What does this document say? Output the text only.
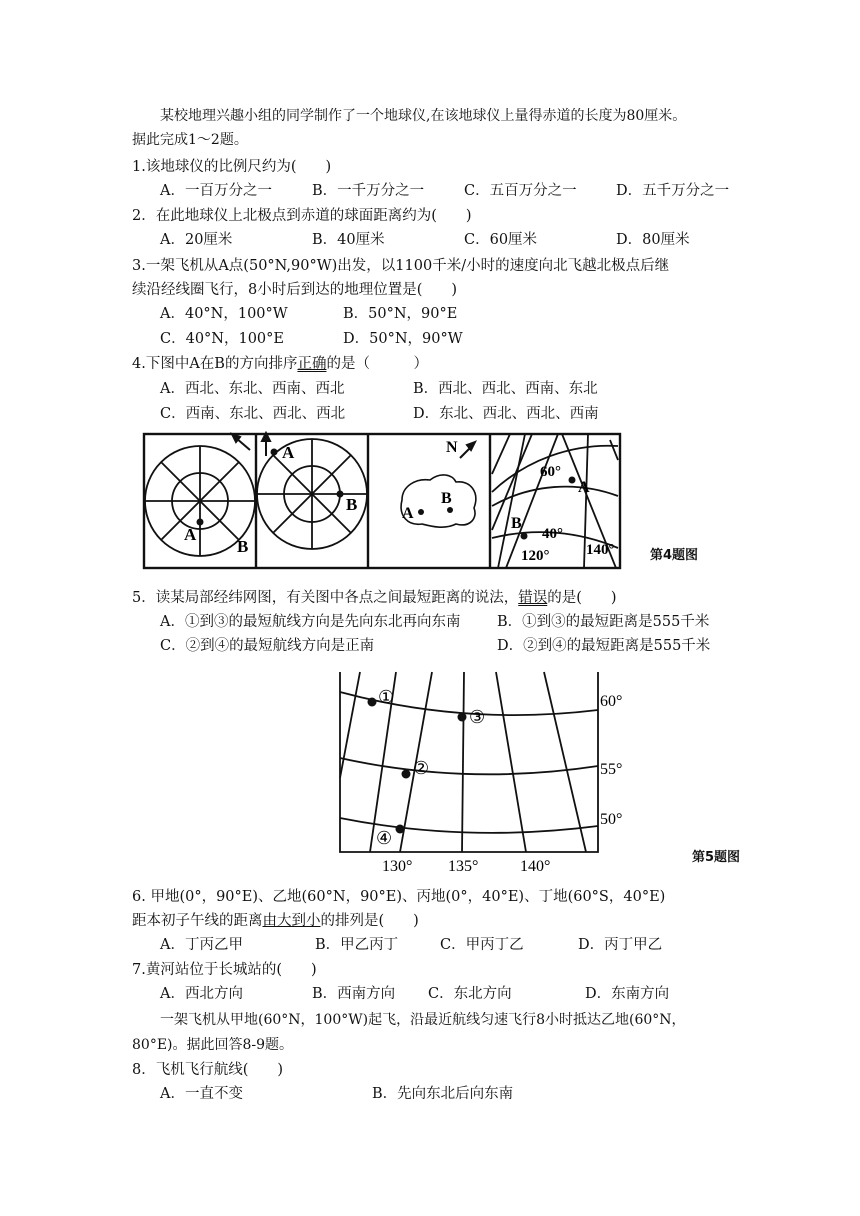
某校地理兴趣小组的同学制作了一个地球仪,在该地球仪上量得赤道的长度为80厘米。
据此完成1～2题。
1.该地球仪的比例尺约为(　　)
A．一百万分之一	B．一千万分之一	C．五百万分之一	D．五千万分之一
2．在此地球仪上北极点到赤道的球面距离约为(　　)
A．20厘米	B．40厘米	C．60厘米	D．80厘米
3.一架飞机从A点(50°N,90°W)出发，以1100千米/小时的速度向北飞越北极点后继
续沿经线圈飞行，8小时后到达的地理位置是(　　)
A．40°N，100°W	B．50°N，90°E
C．40°N，100°E	D．50°N，90°W
4.下图中A在B的方向排序正确的是（　　　）
A．西北、东北、西南、西北	B．西北、西北、西南、东北
C．西南、东北、西北、西北	D．东北、西北、西北、西南
A
B
A
B	A
B
N
60°
A
B
40°
120° 140°	第4题图
5．读某局部经纬网图，有关图中各点之间最短距离的说法，错误的是(　　)
A．①到③的最短航线方向是先向东北再向东南	B．①到③的最短距离是555千米
C．②到④的最短航线方向是正南	D．②到④的最短距离是555千米
①
③
②
④
60°
55°
50°
130° 135°	140°
第5题图
6. 甲地(0°，90°E)、乙地(60°N，90°E)、丙地(0°，40°E)、丁地(60°S，40°E)
距本初子午线的距离由大到小的排列是(　　)
A．丁丙乙甲	B．甲乙丙丁	C．甲丙丁乙	D．丙丁甲乙
7.黄河站位于长城站的(　　)
A．西北方向	B．西南方向 C．东北方向	D．东南方向
一架飞机从甲地(60°N，100°W)起飞，沿最近航线匀速飞行8小时抵达乙地(60°N，
80°E)。据此回答8-9题。
8．飞机飞行航线(　　)
A．一直不变	B．先向东北后向东南
